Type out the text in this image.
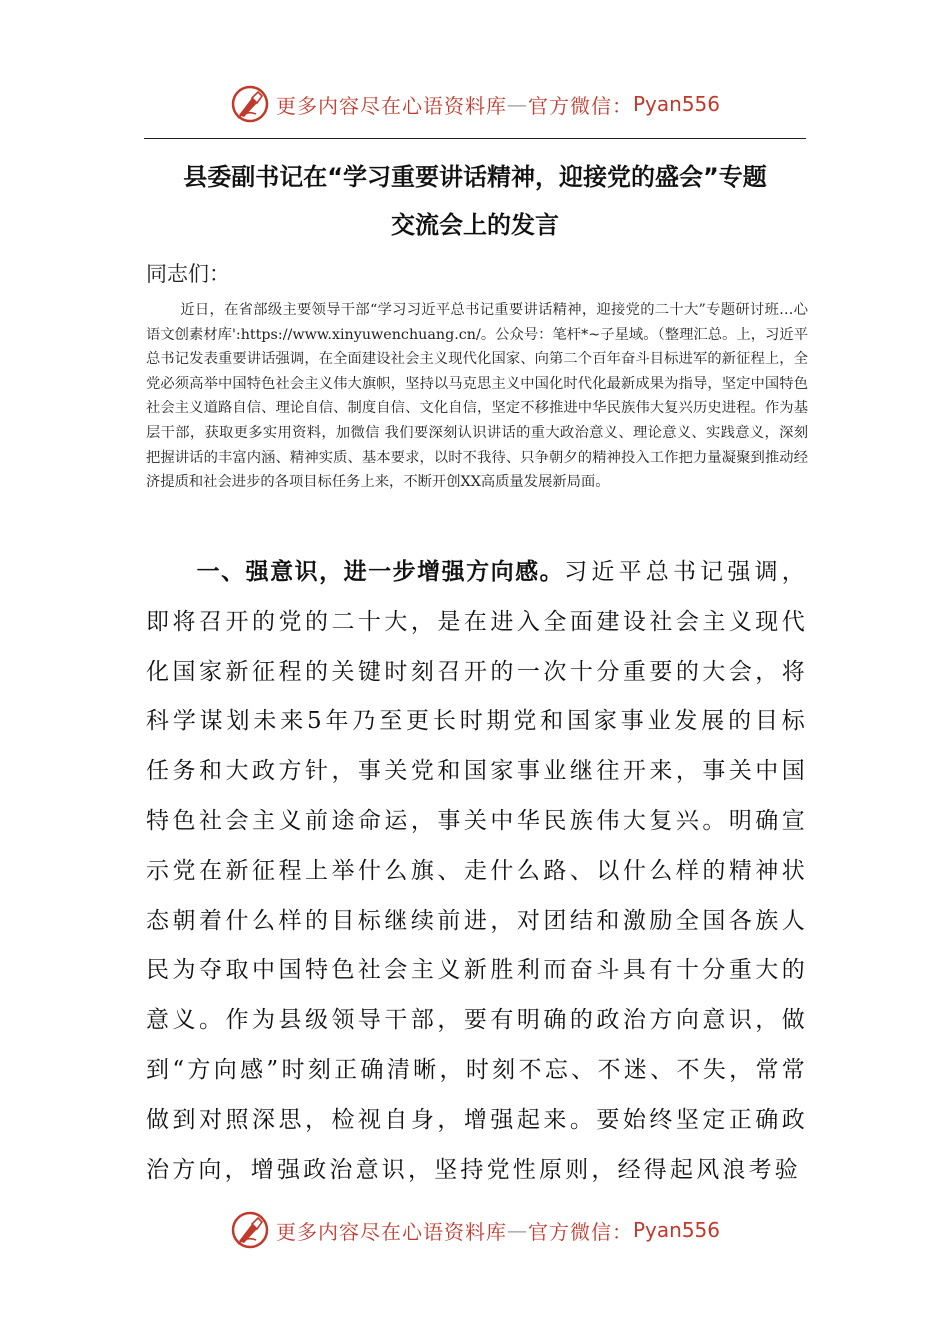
更多内容尽在心语资料库 — 官方微信： Pyan556
县委副书记在“学习重要讲话精神，迎接党的盛会”专题
交流会上的发言
同志们：

近日，在省部级主要领导干部“学习习近平总书记重要讲话精神，迎接党的二十大”专题研讨班…心语文创素材库':https://www.xinyuwenchuang.cn/。公众号：笔杆*~子星域。（整理汇总。上，习近平总书记发表重要讲话强调，在全面建设社会主义现代化国家、向第二个百年奋斗目标进军的新征程上，全党必须高举中国特色社会主义伟大旗帜，坚持以马克思主义中国化时代化最新成果为指导，坚定中国特色社会主义道路自信、理论自信、制度自信、文化自信，坚定不移推进中华民族伟大复兴历史进程。作为基层干部，获取更多实用资料，加微信 我们要深刻认识讲话的重大政治意义、理论意义、实践意义，深刻把握讲话的丰富内涵、精神实质、基本要求，以时不我待、只争朝夕的精神投入工作把力量凝聚到推动经济提质和社会进步的各项目标任务上来，不断开创XX高质量发展新局面。

一、强意识，进一步增强方向感。习近平总书记强调，即将召开的党的二十大，是在进入全面建设社会主义现代化国家新征程的关键时刻召开的一次十分重要的大会，将科学谋划未来5年乃至更长时期党和国家事业发展的目标任务和大政方针，事关党和国家事业继往开来，事关中国特色社会主义前途命运，事关中华民族伟大复兴。明确宣示党在新征程上举什么旗、走什么路、以什么样的精神状态朝着什么样的目标继续前进，对团结和激励全国各族人民为夺取中国特色社会主义新胜利而奋斗具有十分重大的意义。作为县级领导干部，要有明确的政治方向意识，做到“方向感”时刻正确清晰，时刻不忘、不迷、不失，常常做到对照深思，检视自身，增强起来。要始终坚定正确政治方向，增强政治意识，坚持党性原则，经得起风浪考验

更多内容尽在心语资料库 — 官方微信： Pyan556
